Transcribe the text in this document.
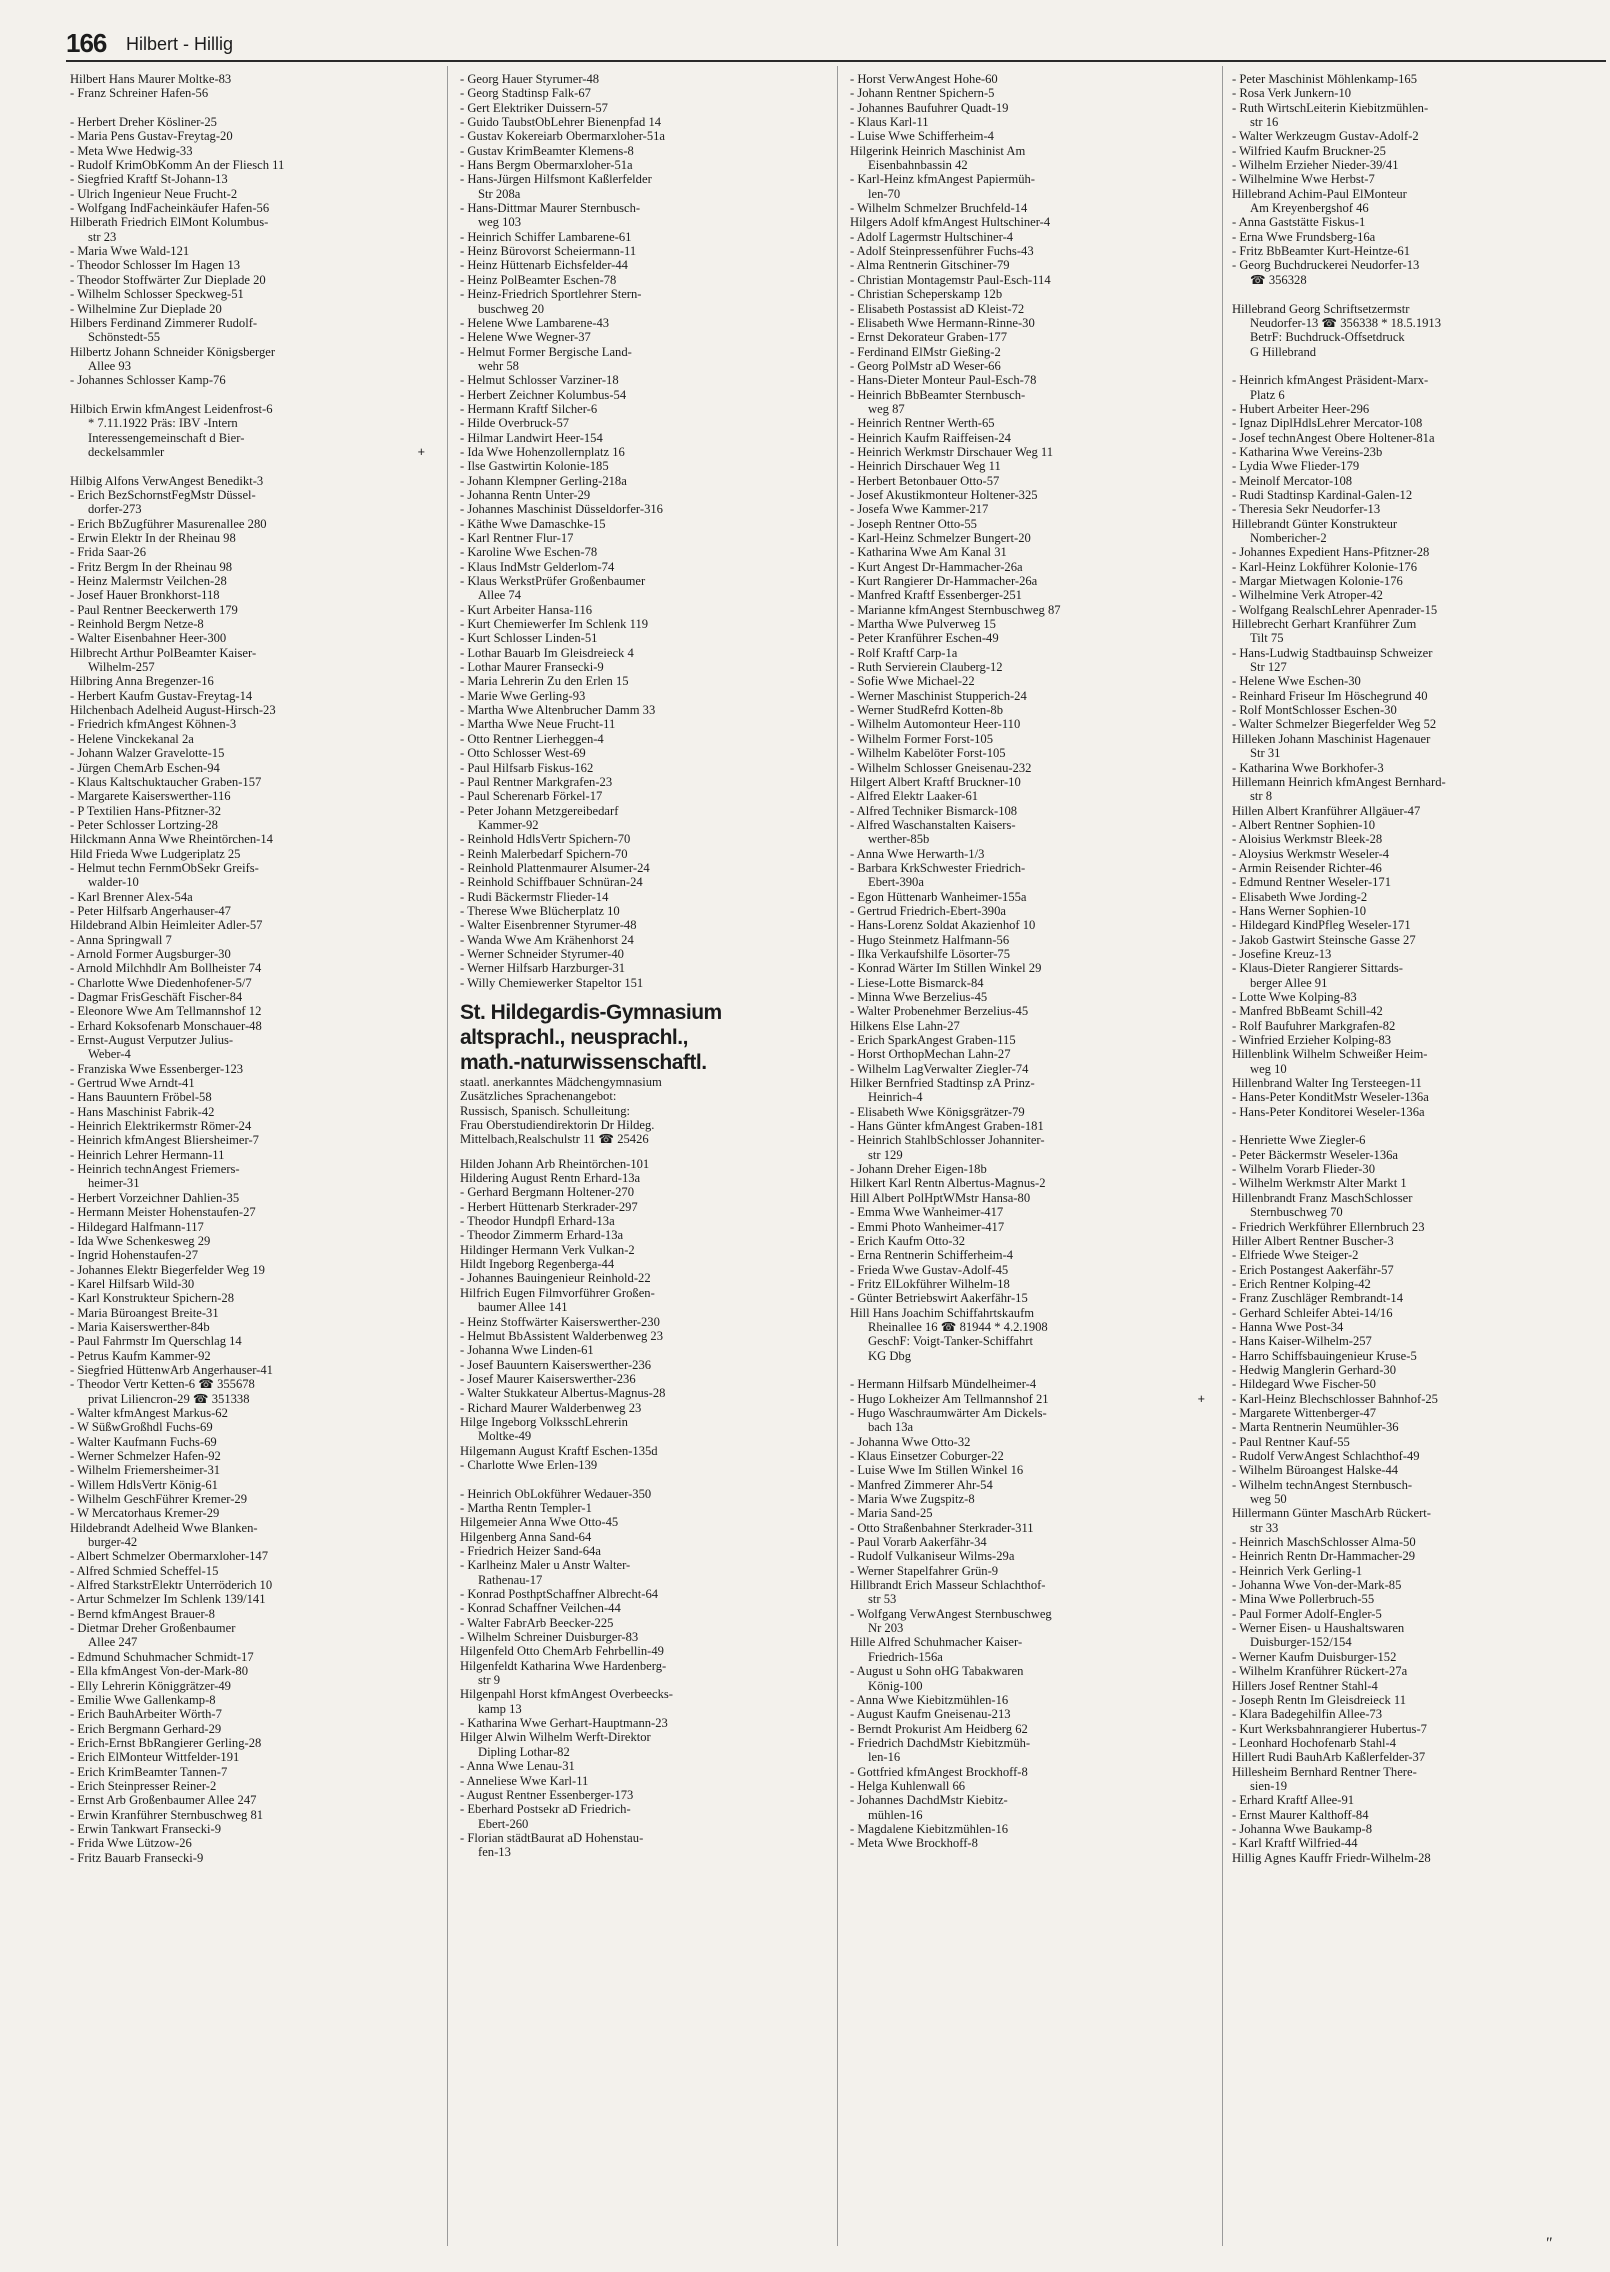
166 Hilbert - Hillig
Hilbert Hans Maurer Moltke-83
- Franz Schreiner Hafen-56

- Herbert Dreher Kösliner-25
- Maria Pens Gustav-Freytag-20
- Meta Wwe Hedwig-33
- Rudolf KrimObKomm An der Fliesch 11
- Siegfried Kraftf St-Johann-13
- Ulrich Ingenieur Neue Frucht-2
- Wolfgang IndFacheinkäufer Hafen-56
Hilberath Friedrich ElMont Kolumbus-
str 23
- Maria Wwe Wald-121
- Theodor Schlosser Im Hagen 13
- Theodor Stoffwärter Zur Dieplade 20
- Wilhelm Schlosser Speckweg-51
- Wilhelmine Zur Dieplade 20
Hilbers Ferdinand Zimmerer Rudolf-
Schönstedt-55
Hilbertz Johann Schneider Königsberger
Allee 93
- Johannes Schlosser Kamp-76

Hilbich Erwin kfmAngest Leidenfrost-6
* 7.11.1922 Präs: IBV -Intern
Interessengemeinschaft d Bier-
deckelsammler	+

Hilbig Alfons VerwAngest Benedikt-3
- Erich BezSchornstFegMstr Düssel-
dorfer-273
- Erich BbZugführer Masurenallee 280
- Erwin Elektr In der Rheinau 98
- Frida Saar-26
- Fritz Bergm In der Rheinau 98
- Heinz Malermstr Veilchen-28
- Josef Hauer Bronkhorst-118
- Paul Rentner Beeckerwerth 179
- Reinhold Bergm Netze-8
- Walter Eisenbahner Heer-300
Hilbrecht Arthur PolBeamter Kaiser-
Wilhelm-257
Hilbring Anna Bregenzer-16
- Herbert Kaufm Gustav-Freytag-14
Hilchenbach Adelheid August-Hirsch-23
- Friedrich kfmAngest Köhnen-3
- Helene Vinckekanal 2a
- Johann Walzer Gravelotte-15
- Jürgen ChemArb Eschen-94
- Klaus Kaltschuktaucher Graben-157
- Margarete Kaiserswerther-116
- P Textilien Hans-Pfitzner-32
- Peter Schlosser Lortzing-28
Hilckmann Anna Wwe Rheintörchen-14
Hild Frieda Wwe Ludgeriplatz 25
- Helmut techn FernmObSekr Greifs-
walder-10
- Karl Brenner Alex-54a
- Peter Hilfsarb Angerhauser-47
Hildebrand Albin Heimleiter Adler-57
- Anna Springwall 7
- Arnold Former Augsburger-30
- Arnold Milchhdlr Am Bollheister 74
- Charlotte Wwe Diedenhofener-5/7
- Dagmar FrisGeschäft Fischer-84
- Eleonore Wwe Am Tellmannshof 12
- Erhard Koksofenarb Monschauer-48
- Ernst-August Verputzer Julius-
Weber-4
- Franziska Wwe Essenberger-123
- Gertrud Wwe Arndt-41
- Hans Bauuntern Fröbel-58
- Hans Maschinist Fabrik-42
- Heinrich Elektrikermstr Römer-24
- Heinrich kfmAngest Bliersheimer-7
- Heinrich Lehrer Hermann-11
- Heinrich technAngest Friemers-
heimer-31
- Herbert Vorzeichner Dahlien-35
- Hermann Meister Hohenstaufen-27
- Hildegard Halfmann-117
- Ida Wwe Schenkesweg 29
- Ingrid Hohenstaufen-27
- Johannes Elektr Biegerfelder Weg 19
- Karel Hilfsarb Wild-30
- Karl Konstrukteur Spichern-28
- Maria Büroangest Breite-31
- Maria Kaiserswerther-84b
- Paul Fahrmstr Im Querschlag 14
- Petrus Kaufm Kammer-92
- Siegfried HüttenwArb Angerhauser-41
- Theodor Vertr Ketten-6 ☎ 355678
privat Liliencron-29 ☎ 351338
- Walter kfmAngest Markus-62
- W SüßwGroßhdl Fuchs-69
- Walter Kaufmann Fuchs-69
- Werner Schmelzer Hafen-92
- Wilhelm Friemersheimer-31
- Willem HdlsVertr König-61
- Wilhelm GeschFührer Kremer-29
- W Mercatorhaus Kremer-29
Hildebrandt Adelheid Wwe Blanken-
burger-42
- Albert Schmelzer Obermarxloher-147
- Alfred Schmied Scheffel-15
- Alfred StarkstrElektr Unterröderich 10
- Artur Schmelzer Im Schlenk 139/141
- Bernd kfmAngest Brauer-8
- Dietmar Dreher Großenbaumer
Allee 247
- Edmund Schuhmacher Schmidt-17
- Ella kfmAngest Von-der-Mark-80
- Elly Lehrerin Königgrätzer-49
- Emilie Wwe Gallenkamp-8
- Erich BauhArbeiter Wörth-7
- Erich Bergmann Gerhard-29
- Erich-Ernst BbRangierer Gerling-28
- Erich ElMonteur Wittfelder-191
- Erich KrimBeamter Tannen-7
- Erich Steinpresser Reiner-2
- Ernst Arb Großenbaumer Allee 247
- Erwin Kranführer Sternbuschweg 81
- Erwin Tankwart Fransecki-9
- Frida Wwe Lützow-26
- Fritz Bauarb Fransecki-9
- Georg Hauer Styrumer-48
- Georg Stadtinsp Falk-67
- Gert Elektriker Duissern-57
- Guido TaubstObLehrer Bienenpfad 14
- Gustav Kokereiarb Obermarxloher-51a
- Gustav KrimBeamter Klemens-8
- Hans Bergm Obermarxloher-51a
- Hans-Jürgen Hilfsmont Kaßlerfelder
Str 208a
- Hans-Dittmar Maurer Sternbusch-
weg 103
- Heinrich Schiffer Lambarene-61
- Heinz Bürovorst Scheiermann-11
- Heinz Hüttenarb Eichsfelder-44
- Heinz PolBeamter Eschen-78
- Heinz-Friedrich Sportlehrer Stern-
buschweg 20
- Helene Wwe Lambarene-43
- Helene Wwe Wegner-37
- Helmut Former Bergische Land-
wehr 58
- Helmut Schlosser Varziner-18
- Herbert Zeichner Kolumbus-54
- Hermann Kraftf Silcher-6
- Hilde Overbruck-57
- Hilmar Landwirt Heer-154
- Ida Wwe Hohenzollernplatz 16
- Ilse Gastwirtin Kolonie-185
- Johann Klempner Gerling-218a
- Johanna Rentn Unter-29
- Johannes Maschinist Düsseldorfer-316
- Käthe Wwe Damaschke-15
- Karl Rentner Flur-17
- Karoline Wwe Eschen-78
- Klaus IndMstr Gelderlom-74
- Klaus WerkstPrüfer Großenbaumer
Allee 74
- Kurt Arbeiter Hansa-116
- Kurt Chemiewerfer Im Schlenk 119
- Kurt Schlosser Linden-51
- Lothar Bauarb Im Gleisdreieck 4
- Lothar Maurer Fransecki-9
- Maria Lehrerin Zu den Erlen 15
- Marie Wwe Gerling-93
- Martha Wwe Altenbrucher Damm 33
- Martha Wwe Neue Frucht-11
- Otto Rentner Lierheggen-4
- Otto Schlosser West-69
- Paul Hilfsarb Fiskus-162
- Paul Rentner Markgrafen-23
- Paul Scherenarb Förkel-17
- Peter Johann Metzgereibedarf
Kammer-92
- Reinhold HdlsVertr Spichern-70
- Reinh Malerbedarf Spichern-70
- Reinhold Plattenmaurer Alsumer-24
- Reinhold Schiffbauer Schnüran-24
- Rudi Bäckermstr Flieder-14
- Therese Wwe Blücherplatz 10
- Walter Eisenbrenner Styrumer-48
- Wanda Wwe Am Krähenhorst 24
- Werner Schneider Styrumer-40
- Werner Hilfsarb Harzburger-31
- Willy Chemiewerker Stapeltor 151
St. Hildegardis-Gymnasium
altsprachl., neusprachl.,
math.-naturwissenschaftl.
staatl. anerkanntes Mädchengymnasium
Zusätzliches Sprachenangebot:
Russisch, Spanisch. Schulleitung:
Frau Oberstudiendirektorin Dr Hildeg.
Mittelbach,Realschulstr 11 ☎ 25426
Hilden Johann Arb Rheintörchen-101
Hildering August Rentn Erhard-13a
- Gerhard Bergmann Holtener-270
- Herbert Hüttenarb Sterkrader-297
- Theodor Hundpfl Erhard-13a
- Theodor Zimmerm Erhard-13a
Hildinger Hermann Verk Vulkan-2
Hildt Ingeborg Regenberga-44
- Johannes Bauingenieur Reinhold-22
Hilfrich Eugen Filmvorführer Großen-
baumer Allee 141
- Heinz Stoffwärter Kaiserswerther-230
- Helmut BbAssistent Walderbenweg 23
- Johanna Wwe Linden-61
- Josef Bauuntern Kaiserswerther-236
- Josef Maurer Kaiserswerther-236
- Walter Stukkateur Albertus-Magnus-28
- Richard Maurer Walderbenweg 23
Hilge Ingeborg VolksschLehrerin
Moltke-49
Hilgemann August Kraftf Eschen-135d
- Charlotte Wwe Erlen-139

- Heinrich ObLokführer Wedauer-350
- Martha Rentn Templer-1
Hilgemeier Anna Wwe Otto-45
Hilgenberg Anna Sand-64
- Friedrich Heizer Sand-64a
- Karlheinz Maler u Anstr Walter-
Rathenau-17
- Konrad PosthptSchaffner Albrecht-64
- Konrad Schaffner Veilchen-44
- Walter FabrArb Beecker-225
- Wilhelm Schreiner Duisburger-83
Hilgenfeld Otto ChemArb Fehrbellin-49
Hilgenfeldt Katharina Wwe Hardenberg-
str 9
Hilgenpahl Horst kfmAngest Overbeecks-
kamp 13
- Katharina Wwe Gerhart-Hauptmann-23
Hilger Alwin Wilhelm Werft-Direktor
Dipling Lothar-82
- Anna Wwe Lenau-31
- Anneliese Wwe Karl-11
- August Rentner Essenberger-173
- Eberhard Postsekr aD Friedrich-
Ebert-260
- Florian städtBaurat aD Hohenstau-
fen-13
- Horst VerwAngest Hohe-60
- Johann Rentner Spichern-5
- Johannes Baufuhrer Quadt-19
- Klaus Karl-11
- Luise Wwe Schifferheim-4
Hilgerink Heinrich Maschinist Am
Eisenbahnbassin 42
- Karl-Heinz kfmAngest Papiermüh-
len-70
- Wilhelm Schmelzer Bruchfeld-14
Hilgers Adolf kfmAngest Hultschiner-4
- Adolf Lagermstr Hultschiner-4
- Adolf Steinpressenführer Fuchs-43
- Alma Rentnerin Gitschiner-79
- Christian Montagemstr Paul-Esch-114
- Christian Scheperskamp 12b
- Elisabeth Postassist aD Kleist-72
- Elisabeth Wwe Hermann-Rinne-30
- Ernst Dekorateur Graben-177
- Ferdinand ElMstr Gießing-2
- Georg PolMstr aD Weser-66
- Hans-Dieter Monteur Paul-Esch-78
- Heinrich BbBeamter Sternbusch-
weg 87
- Heinrich Rentner Werth-65
- Heinrich Kaufm Raiffeisen-24
- Heinrich Werkmstr Dirschauer Weg 11
- Heinrich Dirschauer Weg 11
- Herbert Betonbauer Otto-57
- Josef Akustikmonteur Holtener-325
- Josefa Wwe Kammer-217
- Joseph Rentner Otto-55
- Karl-Heinz Schmelzer Bungert-20
- Katharina Wwe Am Kanal 31
- Kurt Angest Dr-Hammacher-26a
- Kurt Rangierer Dr-Hammacher-26a
- Manfred Kraftf Essenberger-251
- Marianne kfmAngest Sternbuschweg 87
- Martha Wwe Pulverweg 15
- Peter Kranführer Eschen-49
- Rolf Kraftf Carp-1a
- Ruth Servierein Clauberg-12
- Sofie Wwe Michael-22
- Werner Maschinist Stupperich-24
- Werner StudRefrd Kotten-8b
- Wilhelm Automonteur Heer-110
- Wilhelm Former Forst-105
- Wilhelm Kabelöter Forst-105
- Wilhelm Schlosser Gneisenau-232
Hilgert Albert Kraftf Bruckner-10
- Alfred Elektr Laaker-61
- Alfred Techniker Bismarck-108
- Alfred Waschanstalten Kaisers-
werther-85b
- Anna Wwe Herwarth-1/3
- Barbara KrkSchwester Friedrich-
Ebert-390a
- Egon Hüttenarb Wanheimer-155a
- Gertrud Friedrich-Ebert-390a
- Hans-Lorenz Soldat Akazienhof 10
- Hugo Steinmetz Halfmann-56
- Ilka Verkaufshilfe Lösorter-75
- Konrad Wärter Im Stillen Winkel 29
- Liese-Lotte Bismarck-84
- Minna Wwe Berzelius-45
- Walter Probenehmer Berzelius-45
Hilkens Else Lahn-27
- Erich SparkAngest Graben-115
- Horst OrthopMechan Lahn-27
- Wilhelm LagVerwalter Ziegler-74
Hilker Bernfried Stadtinsp zA Prinz-
Heinrich-4
- Elisabeth Wwe Königsgrätzer-79
- Hans Günter kfmAngest Graben-181
- Heinrich StahlbSchlosser Johanniter-
str 129
- Johann Dreher Eigen-18b
Hilkert Karl Rentn Albertus-Magnus-2
Hill Albert PolHptWMstr Hansa-80
- Emma Wwe Wanheimer-417
- Emmi Photo Wanheimer-417
- Erich Kaufm Otto-32
- Erna Rentnerin Schifferheim-4
- Frieda Wwe Gustav-Adolf-45
- Fritz ElLokführer Wilhelm-18
- Günter Betriebswirt Aakerfähr-15
Hill Hans Joachim Schiffahrtskaufm
Rheinallee 16 ☎ 81944 * 4.2.1908
GeschF: Voigt-Tanker-Schiffahrt
KG Dbg

- Hermann Hilfsarb Mündelheimer-4
- Hugo Lokheizer Am Tellmannshof 21	+
- Hugo Waschraumwärter Am Dickels-
bach 13a
- Johanna Wwe Otto-32
- Klaus Einsetzer Coburger-22
- Luise Wwe Im Stillen Winkel 16
- Manfred Zimmerer Ahr-54
- Maria Wwe Zugspitz-8
- Maria Sand-25
- Otto Straßenbahner Sterkrader-311
- Paul Vorarb Aakerfähr-34
- Rudolf Vulkaniseur Wilms-29a
- Werner Stapelfahrer Grün-9
Hillbrandt Erich Masseur Schlachthof-
str 53
- Wolfgang VerwAngest Sternbuschweg
Nr 203
Hille Alfred Schuhmacher Kaiser-
Friedrich-156a
- August u Sohn oHG Tabakwaren
König-100
- Anna Wwe Kiebitzmühlen-16
- August Kaufm Gneisenau-213
- Berndt Prokurist Am Heidberg 62
- Friedrich DachdMstr Kiebitzmüh-
len-16
- Gottfried kfmAngest Brockhoff-8
- Helga Kuhlenwall 66
- Johannes DachdMstr Kiebitz-
mühlen-16
- Magdalene Kiebitzmühlen-16
- Meta Wwe Brockhoff-8
- Peter Maschinist Möhlenkamp-165
- Rosa Verk Junkern-10
- Ruth WirtschLeiterin Kiebitzmühlen-
str 16
- Walter Werkzeugm Gustav-Adolf-2
- Wilfried Kaufm Bruckner-25
- Wilhelm Erzieher Nieder-39/41
- Wilhelmine Wwe Herbst-7
Hillebrand Achim-Paul ElMonteur
Am Kreyenbergshof 46
- Anna Gaststätte Fiskus-1
- Erna Wwe Frundsberg-16a
- Fritz BbBeamter Kurt-Heintze-61
- Georg Buchdruckerei Neudorfer-13
☎ 356328

Hillebrand Georg Schriftsetzermstr
Neudorfer-13 ☎ 356338 * 18.5.1913
BetrF: Buchdruck-Offsetdruck
G Hillebrand

- Heinrich kfmAngest Präsident-Marx-
Platz 6
- Hubert Arbeiter Heer-296
- Ignaz DiplHdlsLehrer Mercator-108
- Josef technAngest Obere Holtener-81a
- Katharina Wwe Vereins-23b
- Lydia Wwe Flieder-179
- Meinolf Mercator-108
- Rudi Stadtinsp Kardinal-Galen-12
- Theresia Sekr Neudorfer-13
Hillebrandt Günter Konstrukteur
Nombericher-2
- Johannes Expedient Hans-Pfitzner-28
- Karl-Heinz Lokführer Kolonie-176
- Margar Mietwagen Kolonie-176
- Wilhelmine Verk Atroper-42
- Wolfgang RealschLehrer Apenrader-15
Hillebrecht Gerhart Kranführer Zum
Tilt 75
- Hans-Ludwig Stadtbauinsp Schweizer
Str 127
- Helene Wwe Eschen-30
- Reinhard Friseur Im Höschegrund 40
- Rolf MontSchlosser Eschen-30
- Walter Schmelzer Biegerfelder Weg 52
Hilleken Johann Maschinist Hagenauer
Str 31
- Katharina Wwe Borkhofer-3
Hillemann Heinrich kfmAngest Bernhard-
str 8
Hillen Albert Kranführer Allgäuer-47
- Albert Rentner Sophien-10
- Aloisius Werkmstr Bleek-28
- Aloysius Werkmstr Weseler-4
- Armin Reisender Richter-46
- Edmund Rentner Weseler-171
- Elisabeth Wwe Jording-2
- Hans Werner Sophien-10
- Hildegard KindPfleg Weseler-171
- Jakob Gastwirt Steinsche Gasse 27
- Josefine Kreuz-13
- Klaus-Dieter Rangierer Sittards-
berger Allee 91
- Lotte Wwe Kolping-83
- Manfred BbBeamt Schill-42
- Rolf Baufuhrer Markgrafen-82
- Winfried Erzieher Kolping-83
Hillenblink Wilhelm Schweißer Heim-
weg 10
Hillenbrand Walter Ing Tersteegen-11
- Hans-Peter KonditMstr Weseler-136a
- Hans-Peter Konditorei Weseler-136a

- Henriette Wwe Ziegler-6
- Peter Bäckermstr Weseler-136a
- Wilhelm Vorarb Flieder-30
- Wilhelm Werkmstr Alter Markt 1
Hillenbrandt Franz MaschSchlosser
Sternbuschweg 70
- Friedrich Werkführer Ellernbruch 23
Hiller Albert Rentner Buscher-3
- Elfriede Wwe Steiger-2
- Erich Postangest Aakerfähr-57
- Erich Rentner Kolping-42
- Franz Zuschläger Rembrandt-14
- Gerhard Schleifer Abtei-14/16
- Hanna Wwe Post-34
- Hans Kaiser-Wilhelm-257
- Harro Schiffsbauingenieur Kruse-5
- Hedwig Manglerin Gerhard-30
- Hildegard Wwe Fischer-50
- Karl-Heinz Blechschlosser Bahnhof-25
- Margarete Wittenberger-47
- Marta Rentnerin Neumühler-36
- Paul Rentner Kauf-55
- Rudolf VerwAngest Schlachthof-49
- Wilhelm Büroangest Halske-44
- Wilhelm technAngest Sternbusch-
weg 50
Hillermann Günter MaschArb Rückert-
str 33
- Heinrich MaschSchlosser Alma-50
- Heinrich Rentn Dr-Hammacher-29
- Heinrich Verk Gerling-1
- Johanna Wwe Von-der-Mark-85
- Mina Wwe Pollerbruch-55
- Paul Former Adolf-Engler-5
- Werner Eisen- u Haushaltswaren
Duisburger-152/154
- Werner Kaufm Duisburger-152
- Wilhelm Kranführer Rückert-27a
Hillers Josef Rentner Stahl-4
- Joseph Rentn Im Gleisdreieck 11
- Klara Badegehilfin Allee-73
- Kurt Werksbahnrangierer Hubertus-7
- Leonhard Hochofenarb Stahl-4
Hillert Rudi BauhArb Kaßlerfelder-37
Hillesheim Bernhard Rentner There-
sien-19
- Erhard Kraftf Allee-91
- Ernst Maurer Kalthoff-84
- Johanna Wwe Baukamp-8
- Karl Kraftf Wilfried-44
Hillig Agnes Kauffr Friedr-Wilhelm-28
"
